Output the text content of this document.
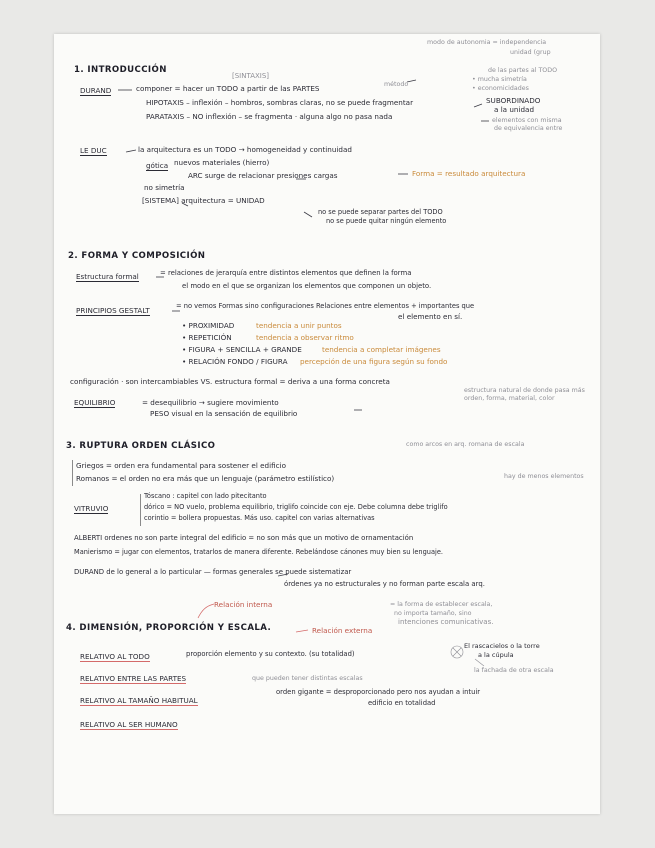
modo de autonomia = independencia
unidad (grup
de las partes al TODO
• mucha simetría
• economicidades
1. INTRODUCCIÓN
[SINTAXIS]
DURAND	componer = hacer un TODO a partir de las PARTES	método
HIPOTAXIS – inflexión – hombros, sombras claras, no se puede fragmentar	SUBORDINADO
a la unidad
PARATAXIS – NO inflexión – se fragmenta · alguna algo no pasa nada	elementos con misma
de equivalencia entre
LE DUC	la arquitectura es un TODO → homogeneidad y continuidad
gótica nuevos materiales (hierro)
ARC surge de relacionar presiones cargas	Forma = resultado arquitectura
no simetría
[SISTEMA] arquitectura = UNIDAD
no se puede separar partes del TODO
no se puede quitar ningún elemento
2. FORMA Y COMPOSICIÓN
Estructura formal	= relaciones de jerarquía entre distintos elementos que definen la forma
el modo en el que se organizan los elementos que componen un objeto.
PRINCIPIOS GESTALT	= no vemos Formas sino configuraciones Relaciones entre elementos + importantes que
el elemento en sí.
• PROXIMIDAD	tendencia a unir puntos
• REPETICIÓN	tendencia a observar ritmo
• FIGURA + SENCILLA + GRANDE	tendencia a completar imágenes
• RELACIÓN FONDO / FIGURA percepción de una figura según su fondo
configuración · son intercambiables VS. estructura formal = deriva a una forma concreta
estructura natural de donde pasa más
orden, forma, material, color
EQUILIBRIO	= desequilibrio → sugiere movimiento
PESO visual en la sensación de equilibrio
3. RUPTURA ORDEN CLÁSICO	como arcos en arq. romana de escala
Griegos = orden era fundamental para sostener el edificio
Romanos = el orden no era más que un lenguaje (parámetro estilístico)	hay de menos elementos
VITRUVIO
Tóscano : capitel con lado pitecitanto
dórico = NO vuelo, problema equilibrio, triglifo coincide con eje. Debe columna debe triglifo
corintio = bollera propuestas. Más uso. capitel con varias alternativas
ALBERTI ordenes no son parte integral del edificio = no son más que un motivo de ornamentación
Manierismo = jugar con elementos, tratarlos de manera diferente. Rebelándose cánones muy bien su lenguaje.
DURAND de lo general a lo particular — formas generales se puede sistematizar
órdenes ya no estructurales y no forman parte escala arq.
Relación interna	= la forma de establecer escala,
no importa tamaño, sino
intenciones comunicativas.
4. DIMENSIÓN, PROPORCIÓN Y ESCALA.	Relación externa
RELATIVO AL TODO	proporción elemento y su contexto. (su totalidad)
El rascacielos o la torre
a la cúpula
RELATIVO ENTRE LAS PARTES	que pueden tener distintas escalas
la fachada de otra escala
RELATIVO AL TAMAÑO HABITUAL
orden gigante = desproporcionado pero nos ayudan a intuir
edificio en totalidad
RELATIVO AL SER HUMANO
